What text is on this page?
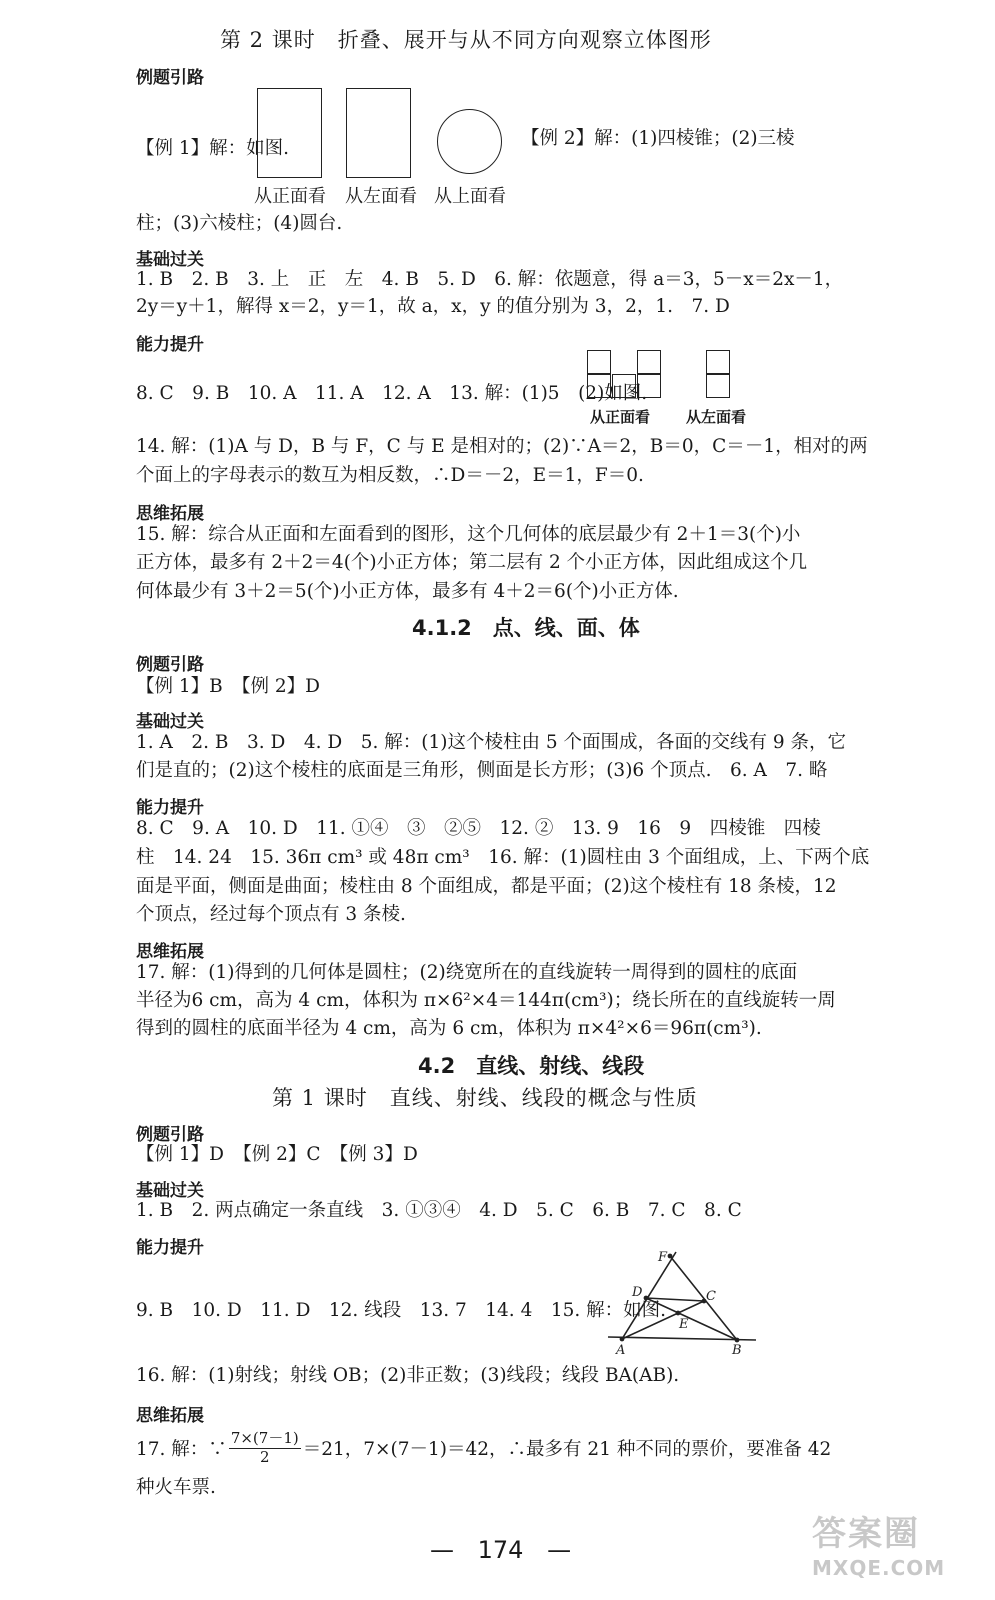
第 2 课时　折叠、展开与从不同方向观察立体图形
例题引路
【例 1】解：如图.
从正面看 从左面看 从上面看
【例 2】解：(1)四棱锥；(2)三棱
柱；(3)六棱柱；(4)圆台.
基础过关
1. B　2. B　3. 上　正　左　4. B　5. D　6. 解：依题意，得 a＝3，5－x＝2x－1，
2y＝y＋1，解得 x＝2，y＝1，故 a，x，y 的值分别为 3，2，1.　7. D
能力提升
8. C　9. B　10. A　11. A　12. A　13. 解：(1)5　(2)如图.
从正面看 从左面看
14. 解：(1)A 与 D，B 与 F，C 与 E 是相对的；(2)∵A＝2，B＝0，C＝－1，相对的两
个面上的字母表示的数互为相反数，∴D＝－2，E＝1，F＝0.
思维拓展
15. 解：综合从正面和左面看到的图形，这个几何体的底层最少有 2＋1＝3(个)小
正方体，最多有 2＋2＝4(个)小正方体；第二层有 2 个小正方体，因此组成这个几
何体最少有 3＋2＝5(个)小正方体，最多有 4＋2＝6(个)小正方体.
4.1.2　点、线、面、体
例题引路
【例 1】B　【例 2】D
基础过关
1. A　2. B　3. D　4. D　5. 解：(1)这个棱柱由 5 个面围成，各面的交线有 9 条，它
们是直的；(2)这个棱柱的底面是三角形，侧面是长方形；(3)6 个顶点.　6. A　7. 略
能力提升
8. C　9. A　10. D　11. ①④　③　②⑤　12. ②　13. 9　16　9　四棱锥　四棱
柱　14. 24　15. 36π cm³ 或 48π cm³　16. 解：(1)圆柱由 3 个面组成，上、下两个底
面是平面，侧面是曲面；棱柱由 8 个面组成，都是平面；(2)这个棱柱有 18 条棱，12
个顶点，经过每个顶点有 3 条棱.
思维拓展
17. 解：(1)得到的几何体是圆柱；(2)绕宽所在的直线旋转一周得到的圆柱的底面
半径为6 cm，高为 4 cm，体积为 π×6²×4＝144π(cm³)；绕长所在的直线旋转一周
得到的圆柱的底面半径为 4 cm，高为 6 cm，体积为 π×4²×6＝96π(cm³).
4.2　直线、射线、线段
第 1 课时　直线、射线、线段的概念与性质
例题引路
【例 1】D　【例 2】C　【例 3】D
基础过关
1. B　2. 两点确定一条直线　3. ①③④　4. D　5. C　6. B　7. C　8. C
能力提升
9. B　10. D　11. D　12. 线段　13. 7　14. 4　15. 解：如图.
F
D	C
E
A	B
16. 解：(1)射线；射线 OB；(2)非正数；(3)线段；线段 BA(AB).
思维拓展
17. 解：∵ $\frac{7\times(7-1)}{2} =21$，7×(7－1)＝42，∴最多有 21 种不同的票价，要准备 42
种火车票.
— 174 —	答案圈
MXQE.COM
